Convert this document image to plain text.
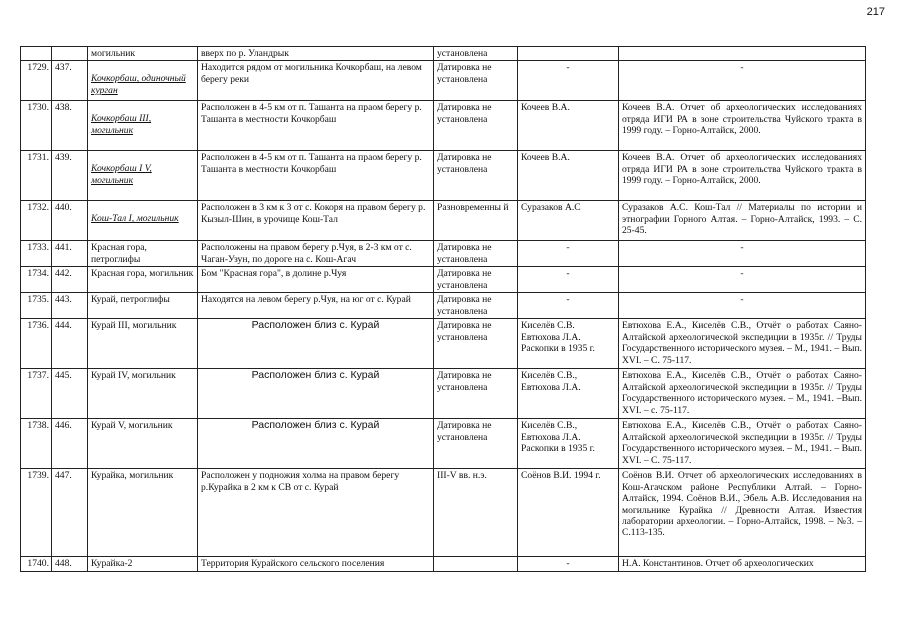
217
		могильник	вверх по р. Уландрык	установлена		
1729.	437.	Кочкорбаш, одиночный курган	Находится рядом от могильника Кочкорбаш, на левом берегу реки	Датировка не установлена	-	-
1730.	438.	Кочкорбаш III, могильник	Расположен в 4-5 км от п. Ташанта на праом берегу р. Ташанта в местности Кочкорбаш	Датировка не установлена	Кочеев В.А.	Кочеев В.А. Отчет об археологических исследованиях отряда ИГИ РА в зоне строительства Чуйского тракта в 1999 году. – Горно-Алтайск, 2000.
1731.	439.	Кочкорбаш I V, могильник	Расположен в 4-5 км от п. Ташанта на праом берегу р. Ташанта в местности Кочкорбаш	Датировка не установлена	Кочеев В.А.	Кочеев В.А. Отчет об археологических исследованиях отряда ИГИ РА в зоне строительства Чуйского тракта в 1999 году. – Горно-Алтайск, 2000.
1732.	440.	Кош-Тал I, могильник	Расположен в 3 км к 3 от с. Кокоря на правом берегу р. Кызыл-Шин, в урочище Кош-Тал	Разновременны й	Суразаков А.С	Суразаков А.С. Кош-Тал // Материалы по истории и этнографии Горного Алтая. – Горно-Алтайск, 1993. – С. 25-45.
1733.	441.	Красная гора, петроглифы	Расположены на правом берегу р.Чуя, в 2-3 км от с. Чаган-Узун, по дороге на с. Кош-Агач	Датировка не установлена	-	-
1734.	442.	Красная гора, могильник	Бом "Красная гора", в долине р.Чуя	Датировка не установлена	-	-
1735.	443.	Курай, петроглифы	Находятся на левом берегу р.Чуя, на юг от с. Курай	Датировка не установлена	-	-
1736.	444.	Курай III, могильник	Расположен близ с. Курай	Датировка не установлена	Киселёв С.В. Евтюхова Л.А. Раскопки в 1935 г.	Евтюхова Е.А., Киселёв С.В., Отчёт о работах Саяно-Алтайской археологической экспедиции в 1935г. // Труды Государственного исторического музея. – М., 1941. – Вып. XVI. – С. 75-117.
1737.	445.	Курай IV, могильник	Расположен близ с. Курай	Датировка не установлена	Киселёв С.В., Евтюхова Л.А.	Евтюхова Е.А., Киселёв С.В., Отчёт о работах Саяно-Алтайской археологической экспедиции в 1935г. // Труды Государственного исторического музея. – М., 1941. –Вып. XVI. – с. 75-117.
1738.	446.	Курай V, могильник	Расположен близ с. Курай	Датировка не установлена	Киселёв С.В., Евтюхова Л.А. Раскопки в 1935 г.	Евтюхова Е.А., Киселёв С.В., Отчёт о работах Саяно-Алтайской археологической экспедиции в 1935г. // Труды Государственного исторического музея. – М., 1941. – Вып. XVI. – С. 75-117.
1739.	447.	Курайка, могильник	Расположен у подножия холма на правом берегу р.Курайка в 2 км к СВ от с. Курай	III-V вв. н.э.	Соёнов В.И. 1994 г.	Соёнов В.И. Отчет об археологических исследованиях в Кош-Агачском районе Республики Алтай. – Горно-Алтайск, 1994. Соёнов В.И., Эбель А.В. Исследования на могильнике Курайка // Древности Алтая. Известия лаборатории археологии. – Горно-Алтайск, 1998. – №3. – С.113-135.
1740.	448.	Курайка-2	Территория Курайского сельского поселения		-	Н.А. Константинов. Отчет об археологических
